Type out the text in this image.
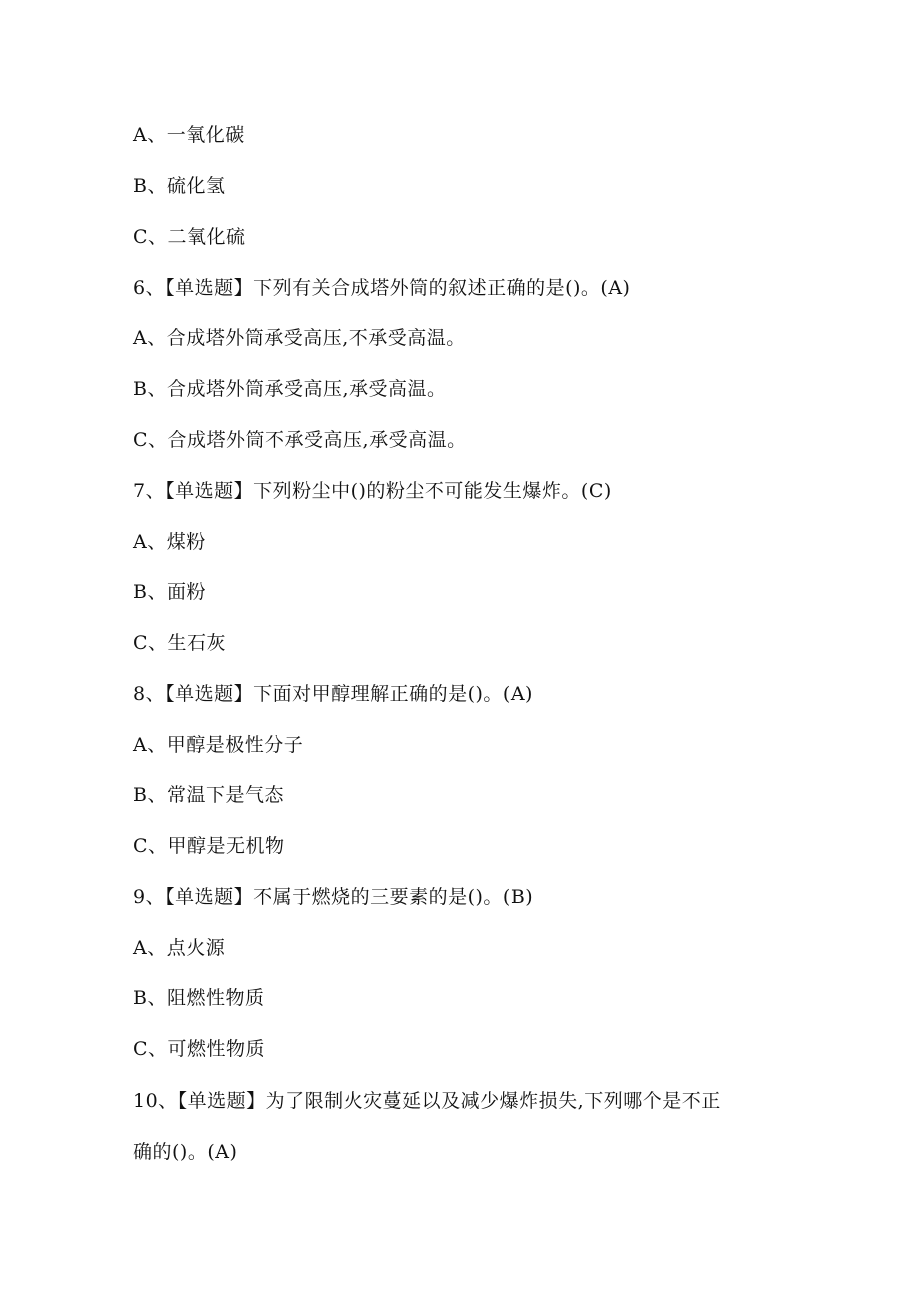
A、一氧化碳
B、硫化氢
C、二氧化硫
6、【单选题】下列有关合成塔外筒的叙述正确的是()。(A)
A、合成塔外筒承受高压,不承受高温。
B、合成塔外筒承受高压,承受高温。
C、合成塔外筒不承受高压,承受高温。
7、【单选题】下列粉尘中()的粉尘不可能发生爆炸。(C)
A、煤粉
B、面粉
C、生石灰
8、【单选题】下面对甲醇理解正确的是()。(A)
A、甲醇是极性分子
B、常温下是气态
C、甲醇是无机物
9、【单选题】不属于燃烧的三要素的是()。(B)
A、点火源
B、阻燃性物质
C、可燃性物质
10、【单选题】为了限制火灾蔓延以及减少爆炸损失,下列哪个是不正
确的()。(A)
